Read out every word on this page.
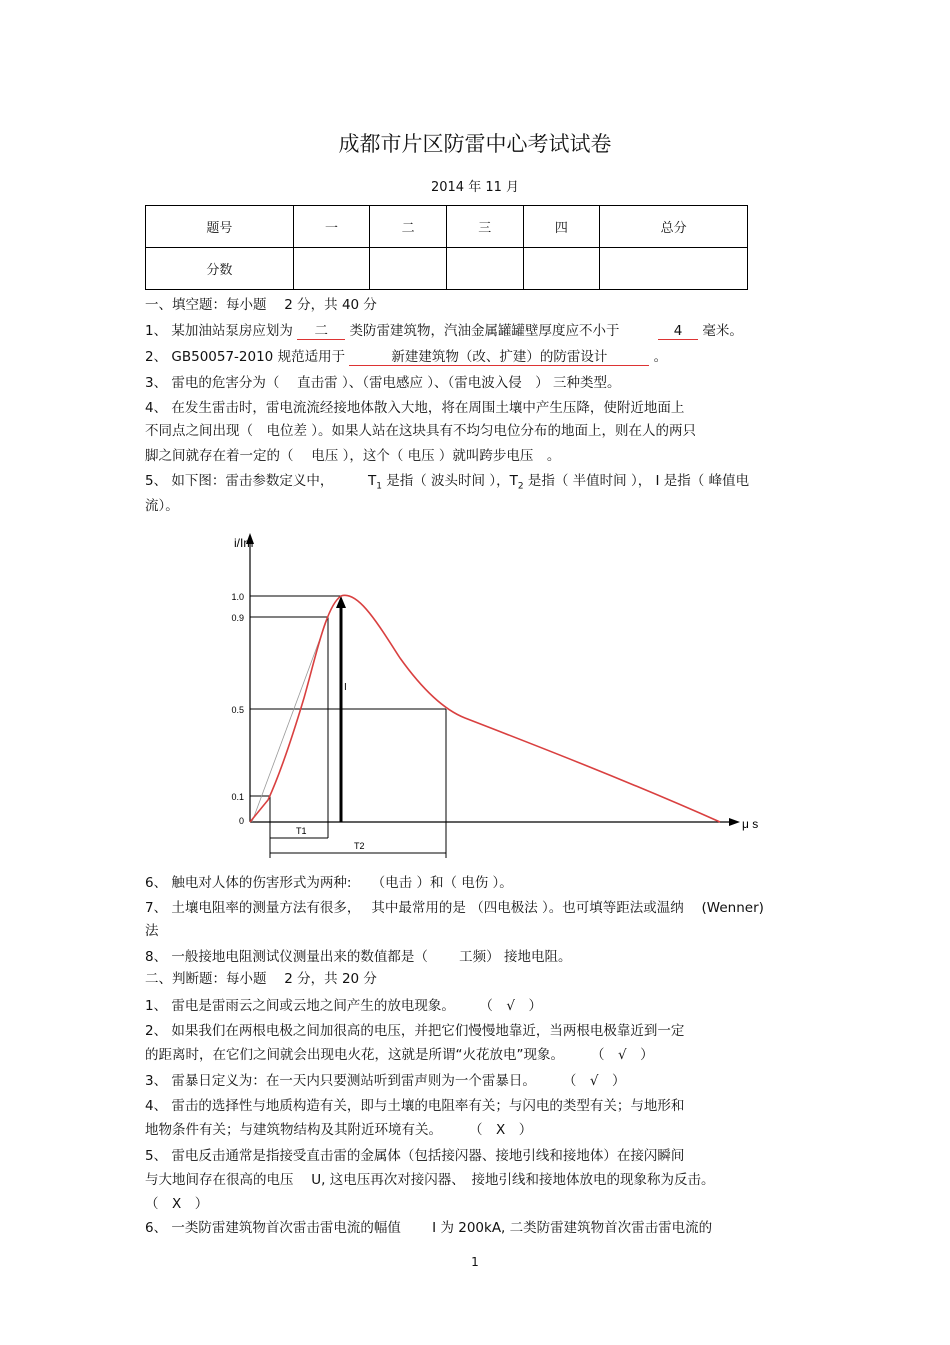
成都市片区防雷中心考试试卷
2014 年 11 月
题号	一	二	三	四	总分
分数					
一、填空题：每小题　 2 分，共 40 分
1、 某加油站泵房应划为 二 类防雷建筑物，汽油金属罐罐壁厚度应不小于	4 毫米。
2、 GB50057-2010 规范适用于	新建建筑物（改、扩建）的防雷设计	。
3、 雷电的危害分为（　 直击雷 ）、（雷电感应 ）、（雷电波入侵　） 三种类型。
4、 在发生雷击时，雷电流流经接地体散入大地，将在周围土壤中产生压降，使附近地面上
不同点之间出现（　电位差 ）。如果人站在这块具有不均匀电位分布的地面上，则在人的两只
脚之间就存在着一定的（　 电压 ），这个（ 电压 ）就叫跨步电压　。
5、 如下图：雷击参数定义中，	$T_1$ 是指（ 波头时间 ），$T_2$ 是指（ 半值时间 ）， I 是指（ 峰值电
流）。
i/Im
1.0
0.9
0.5
0.1
0	μ s
I
T1
T2
6、 触电对人体的伤害形式为两种:　　（电击 ）和（ 电伤 ）。
7、 土壤电阻率的测量方法有很多，　 其中最常用的是 （四电极法 ）。也可填等距法或温纳　 (Wenner)
法
8、 一般接地电阻测试仪测量出来的数值都是（　　 工频） 接地电阻。
二、判断题：每小题　 2 分，共 20 分
1、 雷电是雷雨云之间或云地之间产生的放电现象。　　 （　√　）
2、 如果我们在两根电极之间加很高的电压，并把它们慢慢地靠近，当两根电极靠近到一定
的距离时，在它们之间就会出现电火花，这就是所谓“火花放电”现象。　　　（　√　）
3、 雷暴日定义为：在一天内只要测站听到雷声则为一个雷暴日。　　　（　√　）
4、 雷击的选择性与地质构造有关，即与土壤的电阻率有关；与闪电的类型有关；与地形和
地物条件有关；与建筑物结构及其附近环境有关。　　　（　X　）
5、 雷电反击通常是指接受直击雷的金属体（包括接闪器、接地引线和接地体）在接闪瞬间
与大地间存在很高的电压　 U, 这电压再次对接闪器、　接地引线和接地体放电的现象称为反击。
（　X　）
6、 一类防雷建筑物首次雷击雷电流的幅值　　 I 为 200kA, 二类防雷建筑物首次雷击雷电流的
1
